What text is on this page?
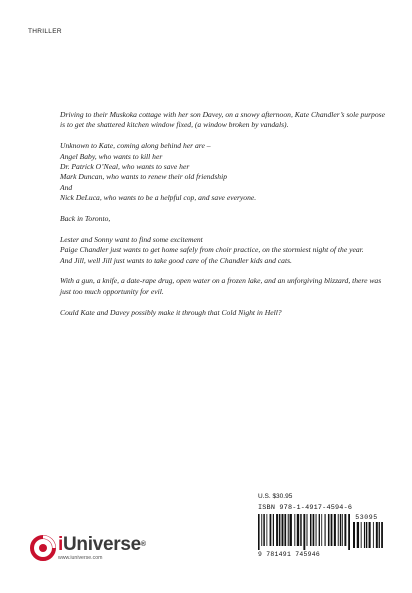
THRILLER

Driving to their Muskoka cottage with her son Davey, on a snowy afternoon, Kate Chandler’s sole purpose is to get the shattered kitchen window fixed, (a window broken by vandals).

Unknown to Kate, coming along behind her are –

Angel Baby, who wants to kill her

Dr. Patrick O’Neal, who wants to save her

Mark Duncan, who wants to renew their old friendship

And

Nick DeLuca, who wants to be a helpful cop, and save everyone.

Back in Toronto,

Lester and Sonny want to find some excitement

Paige Chandler just wants to get home safely from choir practice, on the stormiest night of the year.

And Jill, well Jill just wants to take good care of the Chandler kids and cats.

With a gun, a knife, a date-rape drug, open water on a frozen lake, and an unforgiving blizzard, there was just too much opportunity for evil.

Could Kate and Davey possibly make it through that Cold Night in Hell?

U.S. $30.95
ISBN 978-1-4917-4594-6
9 781491 745946
53095
iUniverse®
www.iuniverse.com
